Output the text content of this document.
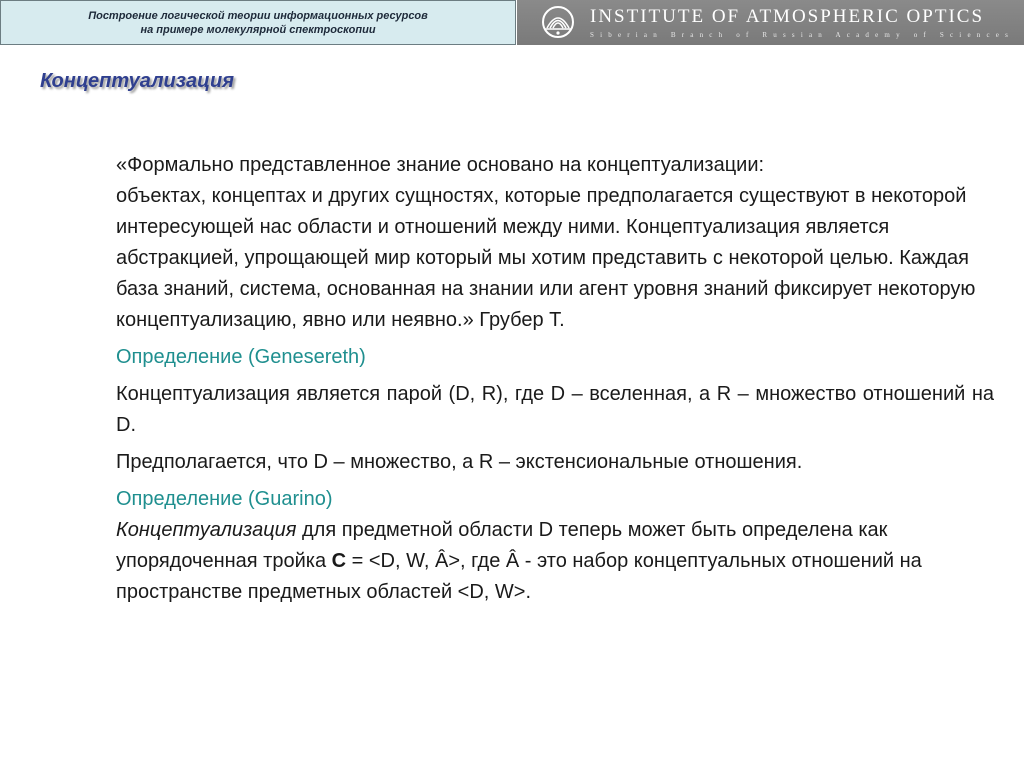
Построение логической теории информационных ресурсов
на примере молекулярной спектроскопии
INSTITUTE OF ATMOSPHERIC OPTICS
Siberian Branch of Russian Academy of Sciences
Концептуализация

«Формально представленное знание основано на концептуализации:

объектах, концептах и других сущностях, которые предполагается существуют в некоторой интересующей нас области и отношений между ними. Концептуализация является абстракцией, упрощающей мир который мы хотим представить с некоторой целью. Каждая база знаний, система, основанная на знании или агент уровня знаний фиксирует некоторую концептуализацию, явно или неявно.» Грубер Т.

Определение (Genesereth)

Концептуализация является парой (D, R), где D – вселенная, а R – множество отношений на D.

Предполагается, что D – множество, а R – экстенсиональные отношения.

Определение (Guarino)

Концептуализация для предметной области D теперь может быть определена как упорядоченная тройка C = <D, W, Â>, где Â - это набор концептуальных отношений на пространстве предметных областей <D, W>.
